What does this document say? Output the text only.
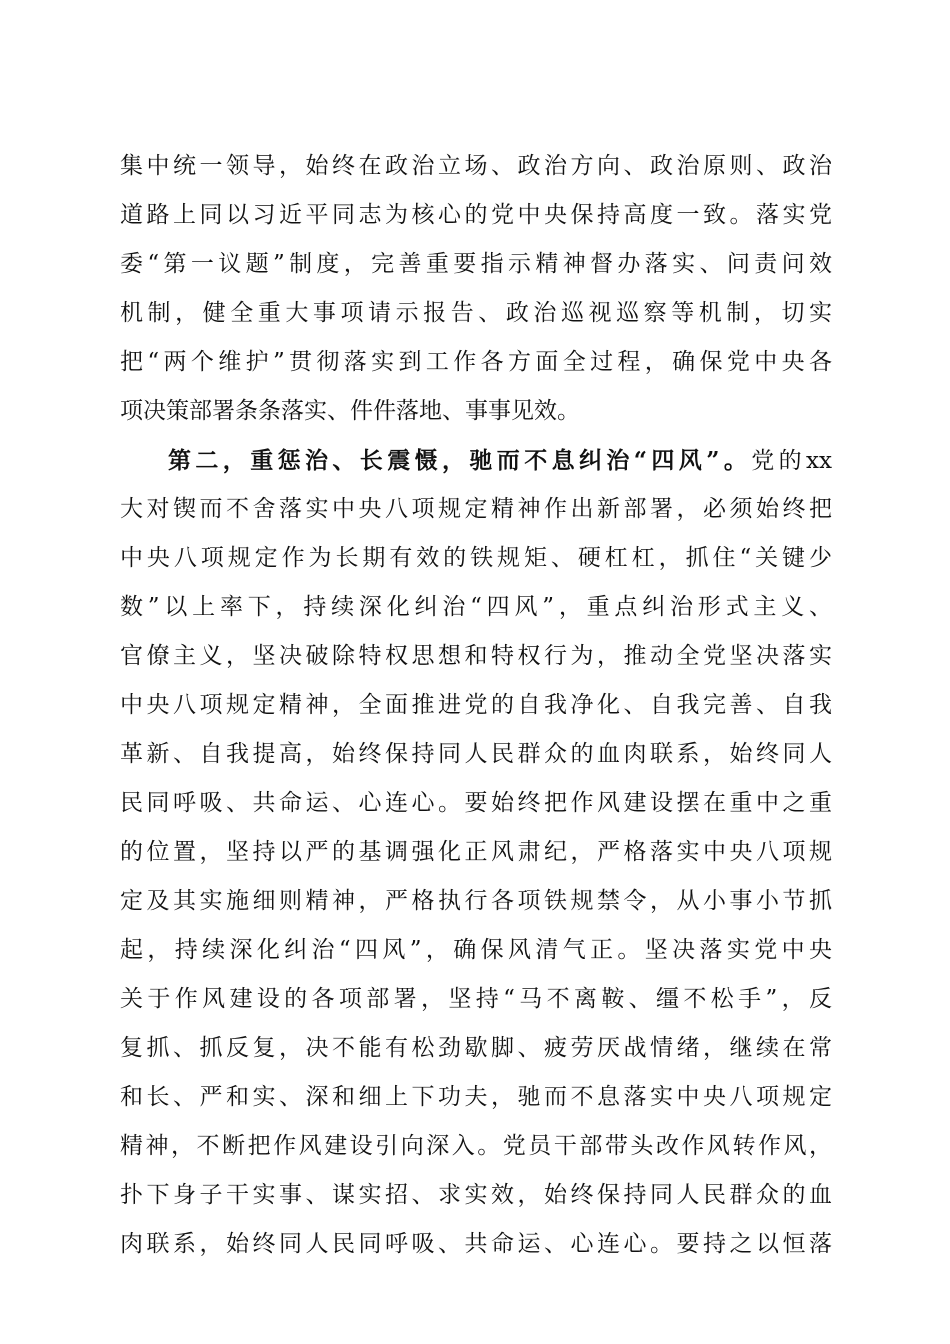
集中统一领导，始终在政治立场、政治方向、政治原则、政治
道路上同以习近平同志为核心的党中央保持高度一致。落实党
委“第一议题”制度，完善重要指示精神督办落实、问责问效
机制，健全重大事项请示报告、政治巡视巡察等机制，切实
把“两个维护”贯彻落实到工作各方面全过程，确保党中央各
项决策部署条条落实、件件落地、事事见效。
第二，重惩治、长震慑，驰而不息纠治“四风”。党的xx
大对锲而不舍落实中央八项规定精神作出新部署，必须始终把
中央八项规定作为长期有效的铁规矩、硬杠杠，抓住“关键少
数”以上率下，持续深化纠治“四风”，重点纠治形式主义、
官僚主义，坚决破除特权思想和特权行为，推动全党坚决落实
中央八项规定精神，全面推进党的自我净化、自我完善、自我
革新、自我提高，始终保持同人民群众的血肉联系，始终同人
民同呼吸、共命运、心连心。要始终把作风建设摆在重中之重
的位置，坚持以严的基调强化正风肃纪，严格落实中央八项规
定及其实施细则精神，严格执行各项铁规禁令，从小事小节抓
起，持续深化纠治“四风”，确保风清气正。坚决落实党中央
关于作风建设的各项部署，坚持“马不离鞍、缰不松手”，反
复抓、抓反复，决不能有松劲歇脚、疲劳厌战情绪，继续在常
和长、严和实、深和细上下功夫，驰而不息落实中央八项规定
精神，不断把作风建设引向深入。党员干部带头改作风转作风，
扑下身子干实事、谋实招、求实效，始终保持同人民群众的血
肉联系，始终同人民同呼吸、共命运、心连心。要持之以恒落
